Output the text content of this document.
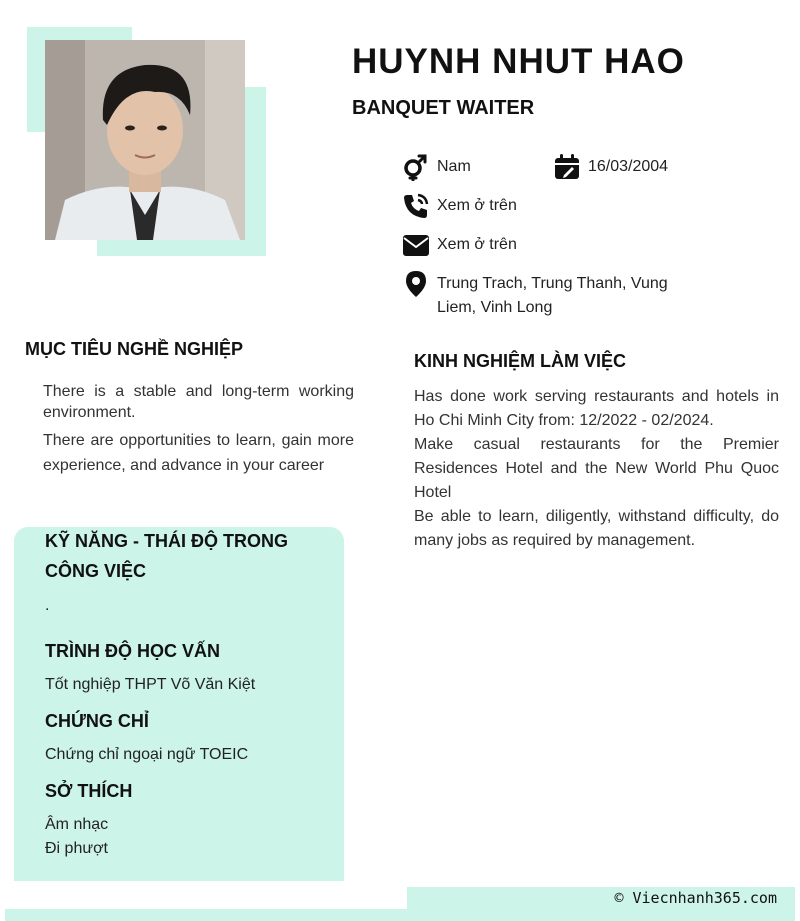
HUYNH NHUT HAO
BANQUET WAITER
Nam	16/03/2004
Xem ở trên
Xem ở trên
Trung Trach, Trung Thanh, Vung Liem, Vinh Long
MỤC TIÊU NGHỀ NGHIỆP
There is a stable and long-term working environment.
There are opportunities to learn, gain more experience, and advance in your career
KINH NGHIỆM LÀM VIỆC
Has done work serving restaurants and hotels in Ho Chi Minh City from: 12/2022 - 02/2024.
Make casual restaurants for the Premier Residences Hotel and the New World Phu Quoc Hotel
Be able to learn, diligently, withstand difficulty, do many jobs as required by management.
KỸ NĂNG - THÁI ĐỘ TRONG
CÔNG VIỆC
.
TRÌNH ĐỘ HỌC VẤN
Tốt nghiệp THPT Võ Văn Kiệt
CHỨNG CHỈ
Chứng chỉ ngoại ngữ TOEIC
SỞ THÍCH
Âm nhạc
Đi phượt
© Viecnhanh365.com
